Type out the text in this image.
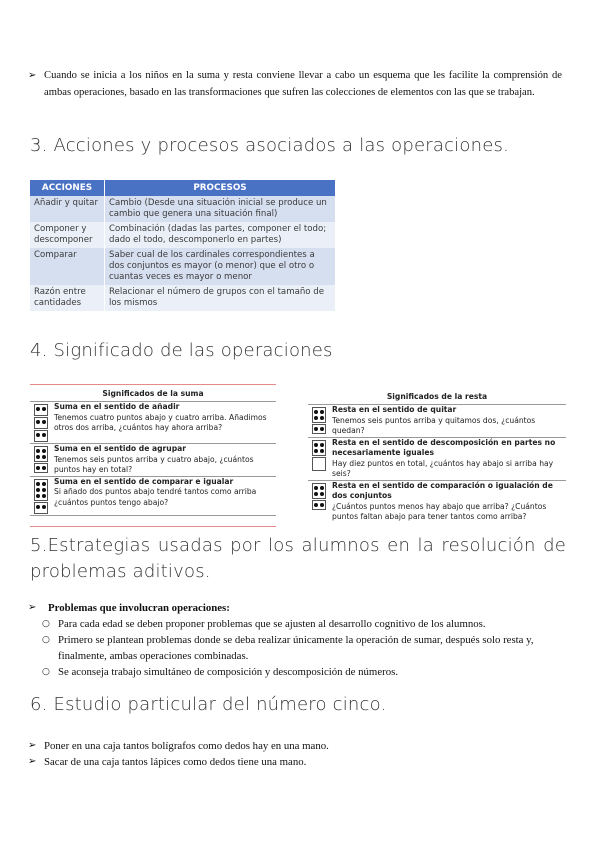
➢ Cuando se inicia a los niños en la suma y resta conviene llevar a cabo un esquema que les facilite la comprensión de ambas operaciones, basado en las transformaciones que sufren las colecciones de elementos con las que se trabajan.
3. Acciones y procesos asociados a las operaciones.
ACCIONES	PROCESOS
Añadir y quitar	Cambio (Desde una situación inicial se produce un cambio que genera una situación final)
Componer y descomponer	Combinación (dadas las partes, componer el todo; dado el todo, descomponerlo en partes)
Comparar	Saber cual de los cardinales correspondientes a dos conjuntos es mayor (o menor) que el otro o cuantas veces es mayor o menor
Razón entre cantidades	Relacionar el número de grupos con el tamaño de los mismos
4. Significado de las operaciones
Significados de la suma
Suma en el sentido de añadir
Tenemos cuatro puntos abajo y cuatro arriba. Añadimos otros dos arriba, ¿cuántos hay ahora arriba?
Suma en el sentido de agrupar
Tenemos seis puntos arriba y cuatro abajo, ¿cuántos puntos hay en total?
Suma en el sentido de comparar e igualar
Si añado dos puntos abajo tendré tantos como arriba ¿cuántos puntos tengo abajo?
Significados de la resta
Resta en el sentido de quitar
Tenemos seis puntos arriba y quitamos dos, ¿cuántos quedan?
Resta en el sentido de descomposición en partes no necesariamente iguales
Hay diez puntos en total, ¿cuántos hay abajo si arriba hay seis?
Resta en el sentido de comparación o igualación de dos conjuntos
¿Cuántos puntos menos hay abajo que arriba? ¿Cuántos puntos faltan abajo para tener tantos como arriba?
5.Estrategias usadas por los alumnos en la resolución de problemas aditivos.
➢ Problemas que involucran operaciones:
○ Para cada edad se deben proponer problemas que se ajusten al desarrollo cognitivo de los alumnos.
○ Primero se plantean problemas donde se deba realizar únicamente la operación de sumar, después solo resta y, finalmente, ambas operaciones combinadas.
○ Se aconseja trabajo simultáneo de composición y descomposición de números.
6. Estudio particular del número cinco.
➢ Poner en una caja tantos bolígrafos como dedos hay en una mano.
➢ Sacar de una caja tantos lápices como dedos tiene una mano.
